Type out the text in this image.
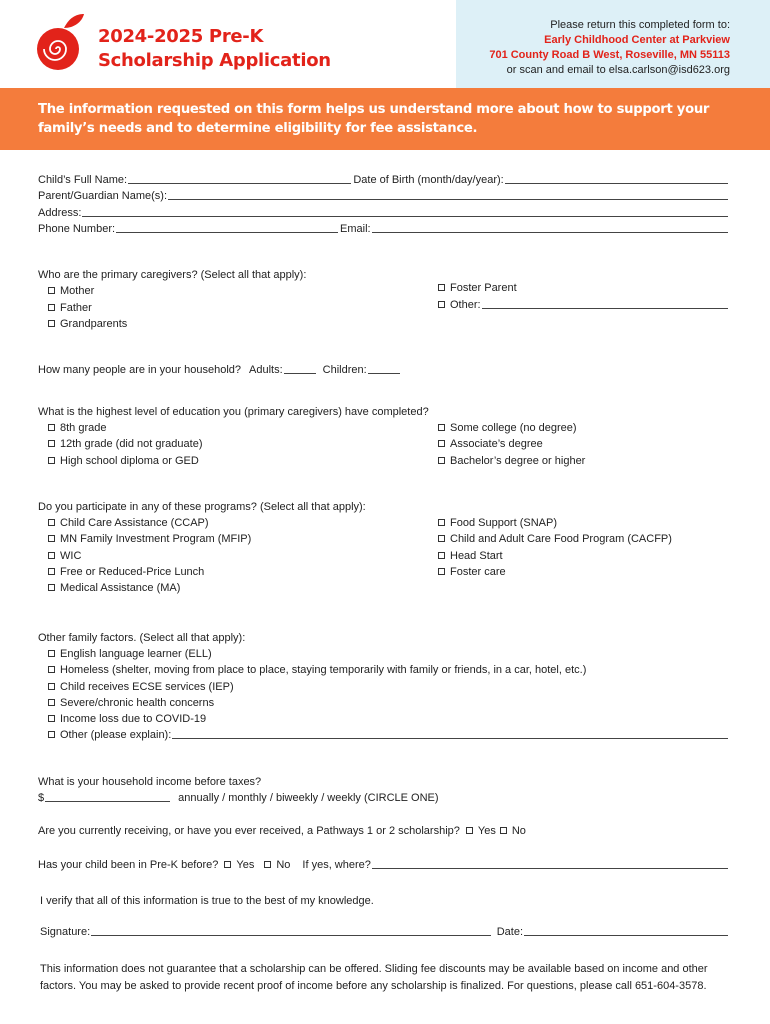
2024-2025 Pre-K
Scholarship Application
Please return this completed form to:
Early Childhood Center at Parkview
701 County Road B West, Roseville, MN 55113
or scan and email to elsa.carlson@isd623.org
The information requested on this form helps us understand more about how to support your family’s needs and to determine eligibility for fee assistance.
Child’s Full Name:	Date of Birth (month/day/year):
Parent/Guardian Name(s):
Address:
Phone Number:	Email:
Who are the primary caregivers? (Select all that apply):
Mother
Father
Grandparents
Foster Parent
Other:
How many people are in your household? Adults:	Children:
What is the highest level of education you (primary caregivers) have completed?
8th grade
12th grade (did not graduate)
High school diploma or GED
Some college (no degree)
Associate’s degree
Bachelor’s degree or higher
Do you participate in any of these programs? (Select all that apply):
Child Care Assistance (CCAP)
MN Family Investment Program (MFIP)
WIC
Free or Reduced-Price Lunch
Medical Assistance (MA)
Food Support (SNAP)
Child and Adult Care Food Program (CACFP)
Head Start
Foster care
Other family factors. (Select all that apply):
English language learner (ELL)
Homeless (shelter, moving from place to place, staying temporarily with family or friends, in a car, hotel, etc.)
Child receives ECSE services (IEP)
Severe/chronic health concerns
Income loss due to COVID-19
Other (please explain):
What is your household income before taxes?
$	annually / monthly / biweekly / weekly (CIRCLE ONE)
Are you currently receiving, or have you ever received, a Pathways 1 or 2 scholarship?	Yes	No
Has your child been in Pre-K before?	Yes	No If yes, where?
I verify that all of this information is true to the best of my knowledge.
Signature:	Date:
This information does not guarantee that a scholarship can be offered. Sliding fee discounts may be available based on income and other factors. You may be asked to provide recent proof of income before any scholarship is finalized. For questions, please call 651-604-3578.
